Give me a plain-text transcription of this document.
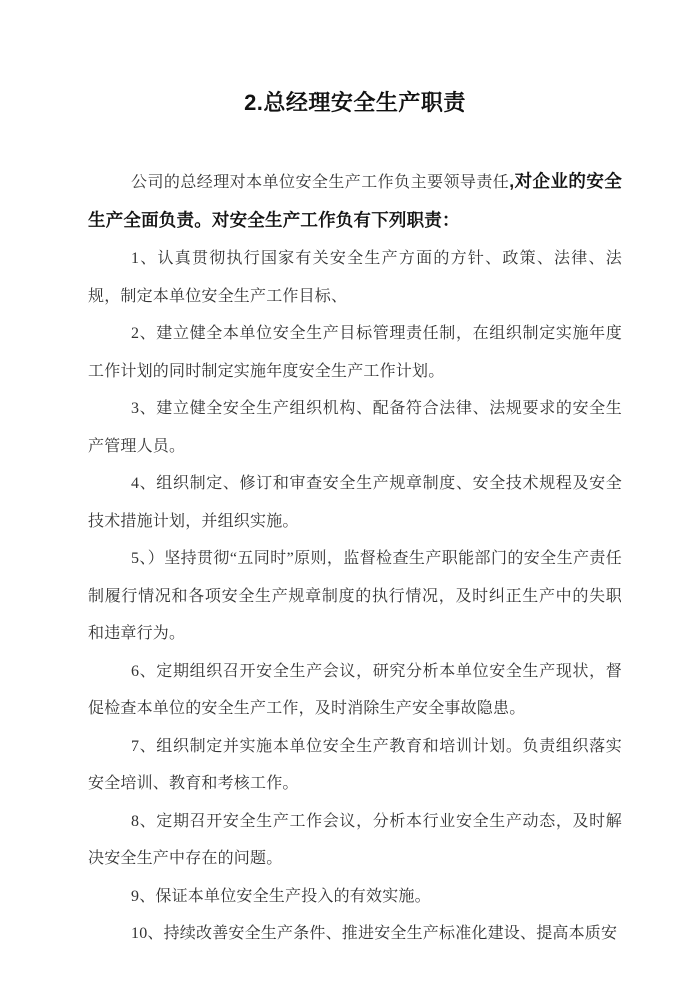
2.总经理安全生产职责

公司的总经理对本单位安全生产工作负主要领导责任,对企业的安全生产全面负责。对安全生产工作负有下列职责：

1、认真贯彻执行国家有关安全生产方面的方针、政策、法律、法规，制定本单位安全生产工作目标、

2、建立健全本单位安全生产目标管理责任制，在组织制定实施年度工作计划的同时制定实施年度安全生产工作计划。

3、建立健全安全生产组织机构、配备符合法律、法规要求的安全生产管理人员。

4、组织制定、修订和审查安全生产规章制度、安全技术规程及安全技术措施计划，并组织实施。

5、）坚持贯彻“五同时”原则，监督检查生产职能部门的安全生产责任制履行情况和各项安全生产规章制度的执行情况，及时纠正生产中的失职和违章行为。

6、定期组织召开安全生产会议，研究分析本单位安全生产现状，督促检查本单位的安全生产工作，及时消除生产安全事故隐患。

7、组织制定并实施本单位安全生产教育和培训计划。负责组织落实安全培训、教育和考核工作。

8、定期召开安全生产工作会议，分析本行业安全生产动态，及时解决安全生产中存在的问题。

9、保证本单位安全生产投入的有效实施。

10、持续改善安全生产条件、推进安全生产标准化建设、提高本质安
